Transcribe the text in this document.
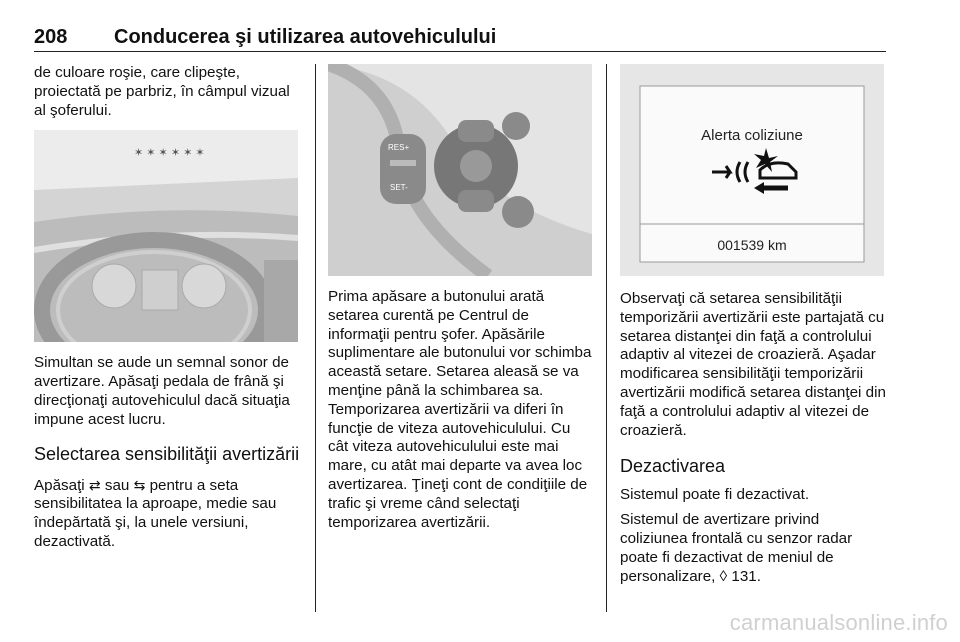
208 Conducerea şi utilizarea autovehiculului

de culoare roşie, care clipeşte, proiectată pe parbriz, în câmpul vizual al şoferului.

✶ ✶ ✶ ✶ ✶ ✶

Simultan se aude un semnal sonor de avertizare. Apăsaţi pedala de frână şi direcţionaţi autovehiculul dacă situaţia impune acest lucru.

Selectarea sensibilităţii avertizării

Apăsaţi ⇄ sau ⇆ pentru a seta sensibilitatea la aproape, medie sau îndepărtată şi, la unele versiuni, dezactivată.

RES+
SET-

Prima apăsare a butonului arată setarea curentă pe Centrul de informaţii pentru şofer. Apăsările suplimentare ale butonului vor schimba această setare. Setarea aleasă se va menţine până la schimbarea sa. Temporizarea avertizării va diferi în funcţie de viteza autovehiculului. Cu cât viteza autovehiculului este mai mare, cu atât mai departe va avea loc avertizarea. Ţineţi cont de condiţiile de trafic şi vreme când selectaţi temporizarea avertizării.

Alerta coliziune
001539 km

Observaţi că setarea sensibilităţii temporizării avertizării este partajată cu setarea distanţei din faţă a controlului adaptiv al vitezei de croazieră. Aşadar modificarea sensibilităţii temporizării avertizării modifică setarea distanţei din faţă a controlului adaptiv al vitezei de croazieră.

Dezactivarea

Sistemul poate fi dezactivat.

Sistemul de avertizare privind coliziunea frontală cu senzor radar poate fi dezactivat de meniul de personalizare, ◊ 131.

carmanualsonline.info
